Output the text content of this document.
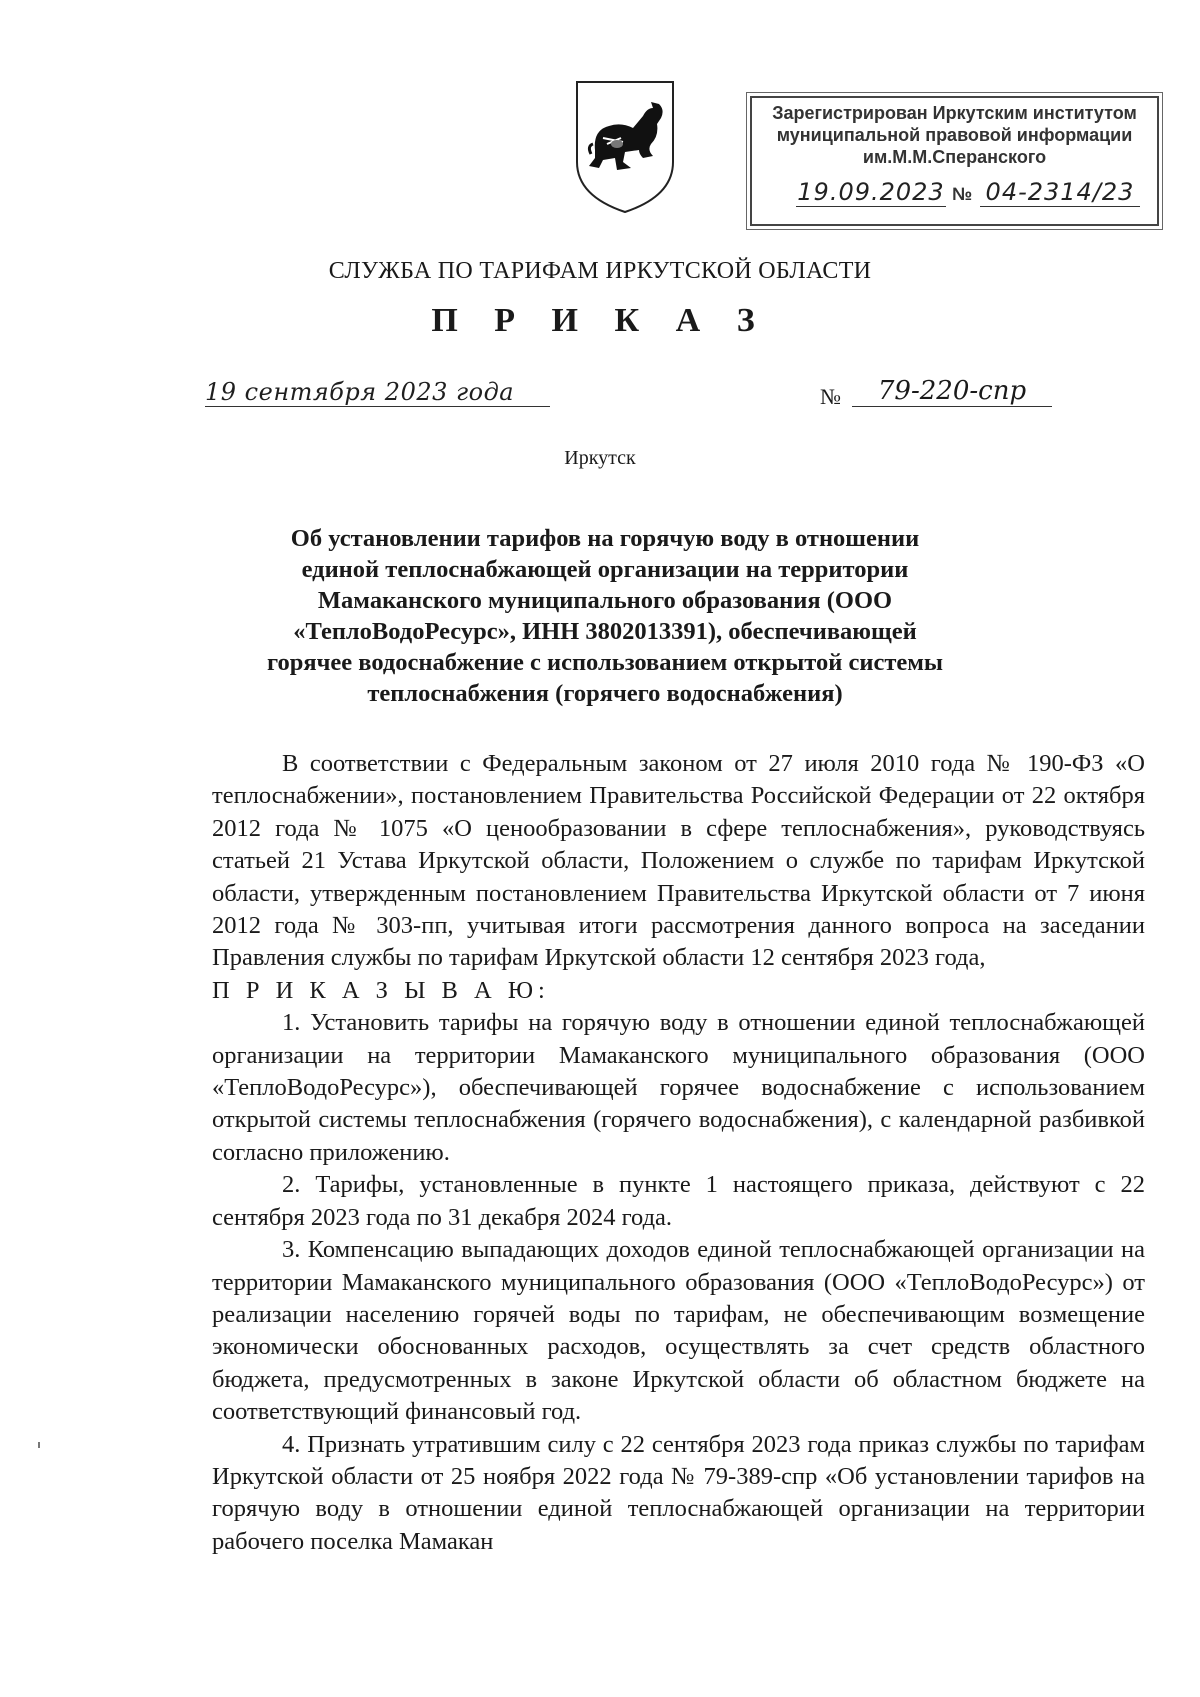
Зарегистрирован Иркутским институтом
муниципальной правовой информации
им.М.М.Сперанского
19.09.2023 № 04-2314/23
СЛУЖБА ПО ТАРИФАМ ИРКУТСКОЙ ОБЛАСТИ
П Р И К А З
19 сентября 2023 года	№	79-220-спр
Иркутск
Об установлении тарифов на горячую воду в отношении единой теплоснабжающей организации на территории Мамаканского муниципального образования (ООО «ТеплоВодоРесурс», ИНН 3802013391), обеспечивающей горячее водоснабжение с использованием открытой системы теплоснабжения (горячего водоснабжения)

В соответствии с Федеральным законом от 27 июля 2010 года № 190-ФЗ «О теплоснабжении», постановлением Правительства Российской Федерации от 22 октября 2012 года № 1075 «О ценообразовании в сфере теплоснабжения», руководствуясь статьей 21 Устава Иркутской области, Положением о службе по тарифам Иркутской области, утвержденным постановлением Правительства Иркутской области от 7 июня 2012 года № 303-пп, учитывая итоги рассмотрения данного вопроса на заседании Правления службы по тарифам Иркутской области 12 сентября 2023 года,

П Р И К А З Ы В А Ю:

1. Установить тарифы на горячую воду в отношении единой теплоснабжающей организации на территории Мамаканского муниципального образования (ООО «ТеплоВодоРесурс»), обеспечивающей горячее водоснабжение с использованием открытой системы теплоснабжения (горячего водоснабжения), с календарной разбивкой согласно приложению.

2. Тарифы, установленные в пункте 1 настоящего приказа, действуют с 22 сентября 2023 года по 31 декабря 2024 года.

3. Компенсацию выпадающих доходов единой теплоснабжающей организации на территории Мамаканского муниципального образования (ООО «ТеплоВодоРесурс») от реализации населению горячей воды по тарифам, не обеспечивающим возмещение экономически обоснованных расходов, осуществлять за счет средств областного бюджета, предусмотренных в законе Иркутской области об областном бюджете на соответствующий финансовый год.

4. Признать утратившим силу с 22 сентября 2023 года приказ службы по тарифам Иркутской области от 25 ноября 2022 года № 79-389-спр «Об установлении тарифов на горячую воду в отношении единой теплоснабжающей организации на территории рабочего поселка Мамакан
